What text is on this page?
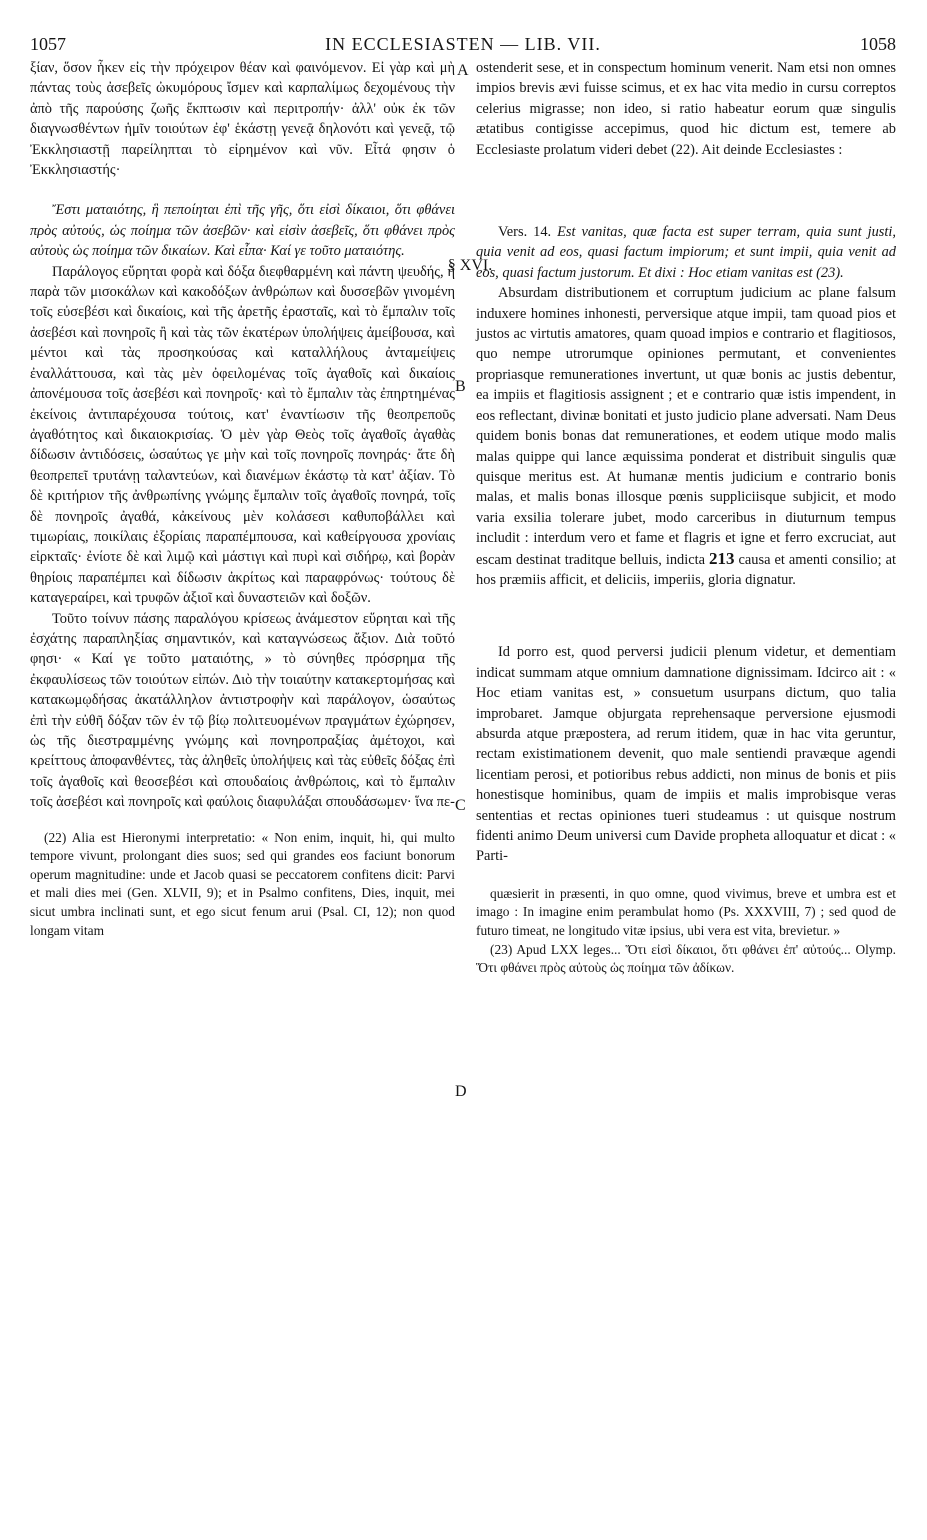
1057	IN ECCLESIASTEN — LIB. VII.	1058
A
§ XVI.
B
C
D

ξίαν, ὅσον ἧκεν εἰς τὴν πρόχειρον θέαν καὶ φαινόμενον. Εἰ γὰρ καὶ μὴ πάντας τοὺς ἀσεβεῖς ὠκυμόρους ἴσμεν καὶ καρπαλίμως δεχομένους τὴν ἀπὸ τῆς παρούσης ζωῆς ἔκπτωσιν καὶ περιτροπήν· ἀλλ' οὐκ ἐκ τῶν διαγνωσθέντων ἡμῖν τοιούτων ἐφ' ἑκάστῃ γενεᾷ δηλονότι καὶ γενεᾷ, τῷ Ἐκκλησιαστῇ παρείληπται τὸ εἰρημένον καὶ νῦν. Εἶτά φησιν ὁ Ἐκκλησιαστής·

Ἔστι ματαιότης, ἣ πεποίηται ἐπὶ τῆς γῆς, ὅτι εἰσὶ δίκαιοι, ὅτι φθάνει πρὸς αὐτούς, ὡς ποίημα τῶν ἀσεβῶν· καὶ εἰσὶν ἀσεβεῖς, ὅτι φθάνει πρὸς αὐτοὺς ὡς ποίημα τῶν δικαίων. Καὶ εἶπα· Καί γε τοῦτο ματαιότης.

Παράλογος εὕρηται φορὰ καὶ δόξα διεφθαρμένη καὶ πάντη ψευδής, ἡ παρὰ τῶν μισοκάλων καὶ κακοδόξων ἀνθρώπων καὶ δυσσεβῶν γινομένη τοῖς εὐσεβέσι καὶ δικαίοις, καὶ τῆς ἀρετῆς ἐρασταῖς, καὶ τὸ ἔμπαλιν τοῖς ἀσεβέσι καὶ πονηροῖς ἢ καὶ τὰς τῶν ἑκατέρων ὑπολήψεις ἀμείβουσα, καὶ μέντοι καὶ τὰς προσηκούσας καὶ καταλλήλους ἀνταμείψεις ἐναλλάττουσα, καὶ τὰς μὲν ὀφειλομένας τοῖς ἀγαθοῖς καὶ δικαίοις ἀπονέμουσα τοῖς ἀσεβέσι καὶ πονηροῖς· καὶ τὸ ἔμπαλιν τὰς ἐπηρτημένας ἐκείνοις ἀντιπαρέχουσα τούτοις, κατ' ἐναντίωσιν τῆς θεοπρεποῦς ἀγαθότητος καὶ δικαιοκρισίας. Ὁ μὲν γὰρ Θεὸς τοῖς ἀγαθοῖς ἀγαθὰς δίδωσιν ἀντιδόσεις, ὡσαύτως γε μὴν καὶ τοῖς πονηροῖς πονηράς· ἅτε δὴ θεοπρεπεῖ τρυτάνῃ ταλαντεύων, καὶ διανέμων ἑκάστῳ τὰ κατ' ἀξίαν. Τὸ δὲ κριτήριον τῆς ἀνθρωπίνης γνώμης ἔμπαλιν τοῖς ἀγαθοῖς πονηρά, τοῖς δὲ πονηροῖς ἀγαθά, κἀκείνους μὲν κολάσεσι καθυποβάλλει καὶ τιμωρίαις, ποικίλαις ἐξορίαις παραπέμπουσα, καὶ καθείργουσα χρονίαις εἱρκταῖς· ἐνίοτε δὲ καὶ λιμῷ καὶ μάστιγι καὶ πυρὶ καὶ σιδήρῳ, καὶ βορὰν θηρίοις παραπέμπει καὶ δίδωσιν ἀκρίτως καὶ παραφρόνως· τούτους δὲ καταγεραίρει, καὶ τρυφῶν ἀξιοῖ καὶ δυναστειῶν καὶ δοξῶν.

Τοῦτο τοίνυν πάσης παραλόγου κρίσεως ἀνάμεστον εὕρηται καὶ τῆς ἐσχάτης παραπληξίας σημαντικόν, καὶ καταγνώσεως ἄξιον. Διὰ τοῦτό φησι· « Καί γε τοῦτο ματαιότης, » τὸ σύνηθες πρόσρημα τῆς ἐκφαυλίσεως τῶν τοιούτων εἰπών. Διὸ τὴν τοιαύτην κατακερτομήσας καὶ κατακωμῳδήσας ἀκατάλληλον ἀντιστροφὴν καὶ παράλογον, ὡσαύτως ἐπὶ τὴν εὐθῆ δόξαν τῶν ἐν τῷ βίῳ πολιτευομένων πραγμάτων ἐχώρησεν, ὡς τῆς διεστραμμένης γνώμης καὶ πονηροπραξίας ἀμέτοχοι, καὶ κρείττους ἀποφανθέντες, τὰς ἀληθεῖς ὑπολήψεις καὶ τὰς εὐθεῖς δόξας ἐπὶ τοῖς ἀγαθοῖς καὶ θεοσεβέσι καὶ σπουδαίοις ἀνθρώποις, καὶ τὸ ἔμπαλιν τοῖς ἀσεβέσι καὶ πονηροῖς καὶ φαύλοις διαφυλάξαι σπουδάσωμεν· ἵνα πε-

(22) Alia est Hieronymi interpretatio: « Non enim, inquit, hi, qui multo tempore vivunt, prolongant dies suos; sed qui grandes eos faciunt bonorum operum magnitudine: unde et Jacob quasi se peccatorem confitens dicit: Parvi et mali dies mei (Gen. XLVII, 9); et in Psalmo confitens, Dies, inquit, mei sicut umbra inclinati sunt, et ego sicut fenum arui (Psal. CI, 12); non quod longam vitam

ostenderit sese, et in conspectum hominum venerit. Nam etsi non omnes impios brevis ævi fuisse scimus, et ex hac vita medio in cursu correptos celerius migrasse; non ideo, si ratio habeatur eorum quæ singulis ætatibus contigisse accepimus, quod hic dictum est, temere ab Ecclesiaste prolatum videri debet (22). Ait deinde Ecclesiastes :

Vers. 14. Est vanitas, quæ facta est super terram, quia sunt justi, quia venit ad eos, quasi factum impiorum; et sunt impii, quia venit ad eos, quasi factum justorum. Et dixi : Hoc etiam vanitas est (23).

Absurdam distributionem et corruptum judicium ac plane falsum induxere homines inhonesti, perversique atque impii, tam quoad pios et justos ac virtutis amatores, quam quoad impios e contrario et flagitiosos, quo nempe utrorumque opiniones permutant, et convenientes propriasque remunerationes invertunt, ut quæ bonis ac justis debentur, ea impiis et flagitiosis assignent ; et e contrario quæ istis impendent, in eos reflectant, divinæ bonitati et justo judicio plane adversati. Nam Deus quidem bonis bonas dat remunerationes, et eodem utique modo malis malas quippe qui lance æquissima ponderat et distribuit singulis quæ quisque meritus est. At humanæ mentis judicium e contrario bonis malas, et malis bonas illosque pœnis suppliciisque subjicit, et modo varia exsilia tolerare jubet, modo carceribus in diuturnum tempus includit : interdum vero et fame et flagris et igne et ferro excruciat, aut escam destinat traditque belluis, indicta 213 causa et amenti consilio; at hos præmiis afficit, et deliciis, imperiis, gloria dignatur.

Id porro est, quod perversi judicii plenum videtur, et dementiam indicat summam atque omnium damnatione dignissimam. Idcirco ait : « Hoc etiam vanitas est, » consuetum usurpans dictum, quo talia improbaret. Jamque objurgata reprehensaque perversione ejusmodi absurda atque præpostera, ad rerum itidem, quæ in hac vita geruntur, rectam existimationem devenit, quo male sentiendi pravæque agendi licentiam perosi, et potioribus rebus addicti, non minus de bonis et piis honestisque hominibus, quam de impiis et malis improbisque veras sententias et rectas opiniones tueri studeamus : ut quisque nostrum fidenti animo Deum universi cum Davide propheta alloquatur et dicat : « Parti-

quæsierit in præsenti, in quo omne, quod vivimus, breve et umbra est et imago : In imagine enim perambulat homo (Ps. XXXVIII, 7) ; sed quod de futuro timeat, ne longitudo vitæ ipsius, ubi vera est vita, brevietur. »

(23) Apud LXX leges... Ὅτι εἰσὶ δίκαιοι, ὅτι φθάνει ἐπ' αὐτούς... Olymp. Ὅτι φθάνει πρὸς αὐτοὺς ὡς ποίημα τῶν ἀδίκων.
